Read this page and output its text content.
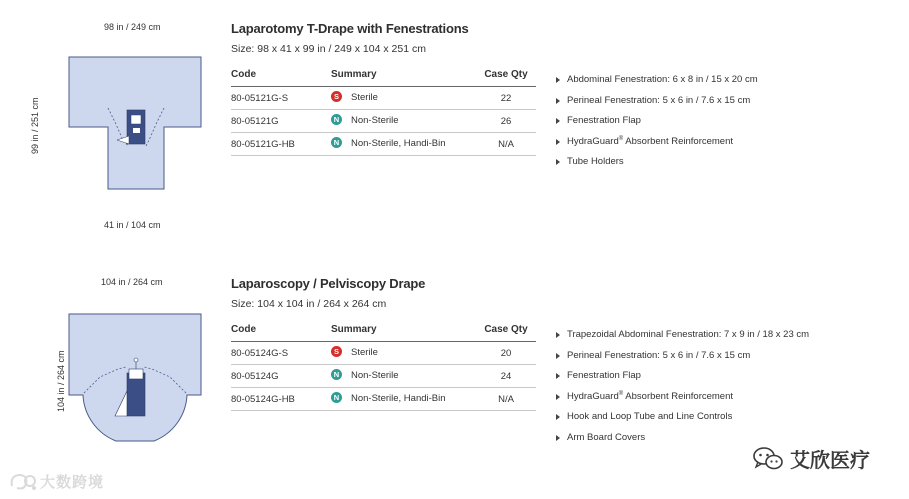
98 in / 249 cm
99 in / 251 cm
41 in / 104 cm
Laparotomy T-Drape with Fenestrations
Size: 98 x 41 x 99 in / 249 x 104 x 251 cm
Code	Summary	Case Qty
80-05121G-S	S Sterile	22
80-05121G	N Non-Sterile	26
80-05121G-HB	N Non-Sterile, Handi-Bin	N/A
Abdominal Fenestration: 6 x 8 in / 15 x 20 cm
Perineal Fenestration: 5 x 6 in / 7.6 x 15 cm
Fenestration Flap
HydraGuard® Absorbent Reinforcement
Tube Holders
104 in / 264 cm
104 in / 264 cm
Laparoscopy / Pelviscopy Drape
Size: 104 x 104 in / 264 x 264 cm
Code	Summary	Case Qty
80-05124G-S	S Sterile	20
80-05124G	N Non-Sterile	24
80-05124G-HB	N Non-Sterile, Handi-Bin	N/A
Trapezoidal Abdominal Fenestration: 7 x 9 in / 18 x 23 cm
Perineal Fenestration: 5 x 6 in / 7.6 x 15 cm
Fenestration Flap
HydraGuard® Absorbent Reinforcement
Hook and Loop Tube and Line Controls
Arm Board Covers
大数跨境
艾欣医疗
